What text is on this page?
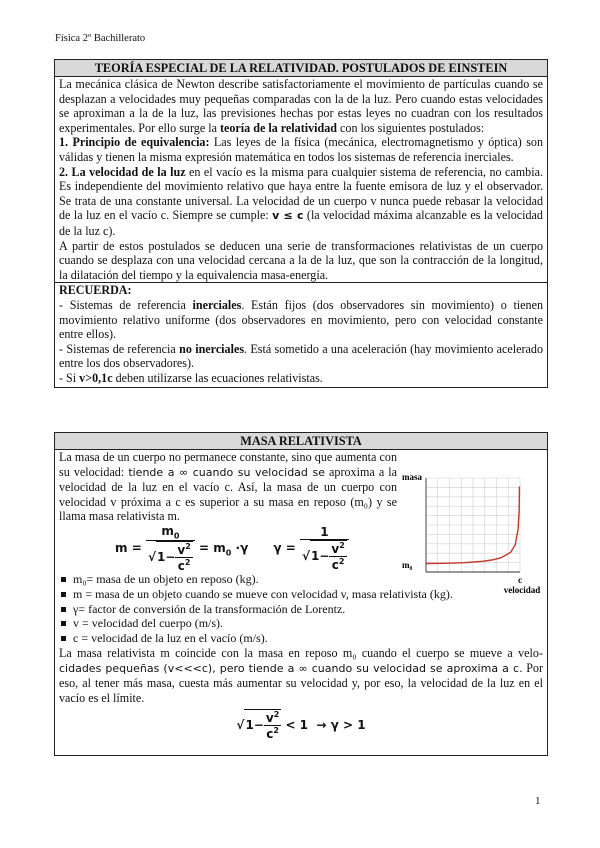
Física 2º Bachillerato
TEORÍA ESPECIAL DE LA RELATIVIDAD. POSTULADOS DE EINSTEIN
La mecánica clásica de Newton describe satisfactoriamente el movimiento de partículas cuando se desplazan a velocidades muy pequeñas comparadas con la de la luz. Pero cuando estas velocidades se aproximan a la de la luz, las previsiones hechas por estas leyes no cuadran con los resultados experimentales. Por ello surge la teoría de la relatividad con los siguientes postulados:
1. Principio de equivalencia: Las leyes de la física (mecánica, electromagnetismo y óptica) son válidas y tienen la misma expresión matemática en todos los sistemas de referencia inerciales.
2. La velocidad de la luz en el vacío es la misma para cualquier sistema de referencia, no cambia. Es independiente del movimiento relativo que haya entre la fuente emisora de luz y el observador. Se trata de una constante universal. La velocidad de un cuerpo v nunca puede rebasar la velocidad de la luz en el vacío c. Siempre se cumple: v ≤ c (la velocidad máxima alcanzable es la velocidad de la luz c).
A partir de estos postulados se deducen una serie de transformaciones relativistas de un cuerpo cuando se desplaza con una velocidad cercana a la de la luz, que son la contracción de la longitud, la dilatación del tiempo y la equivalencia masa-energía.
RECUERDA:
- Sistemas de referencia inerciales. Están fijos (dos observadores sin movimiento) o tienen movimiento relativo uniforme (dos observadores en movimiento, pero con velocidad constante entre ellos).
- Sistemas de referencia no inerciales. Está sometido a una aceleración (hay movimiento acelerado entre los dos observadores).
- Si v>0,1c deben utilizarse las ecuaciones relativistas.
MASA RELATIVISTA
La masa de un cuerpo no permanece constante, sino que aumenta con su velocidad: tiende a ∞ cuando su velocidad se aproxima a la velocidad de la luz en el vacío c. Así, la masa de un cuerpo con velocidad v próxima a c es superior a su masa en reposo (m₀) y se llama masa relativista m.
$m = \frac{m_0}{√1- \frac{v^2}{c^2}} = m_0 \cdot\gamma$ $\gamma = \frac{1}{√1- \frac{v^2}{c^2}}$
m₀= masa de un objeto en reposo (kg).
m = masa de un objeto cuando se mueve con velocidad v, masa relativista (kg).
γ= factor de conversión de la transformación de Lorentz.
v = velocidad del cuerpo (m/s).
c = velocidad de la luz en el vacío (m/s).
La masa relativista m coincide con la masa en reposo m₀ cuando el cuerpo se mueve a velo-cidades pequeñas (v<<<c), pero tiende a ∞ cuando su velocidad se aproxima a c. Por eso, al tener más masa, cuesta más aumentar su velocidad y, por eso, la velocidad de la luz en el vacío es el límite.
$√1- \frac{v^2}{c^2} < 1 \to \gamma > 1$
masa
velocidad
m₀
c
1
